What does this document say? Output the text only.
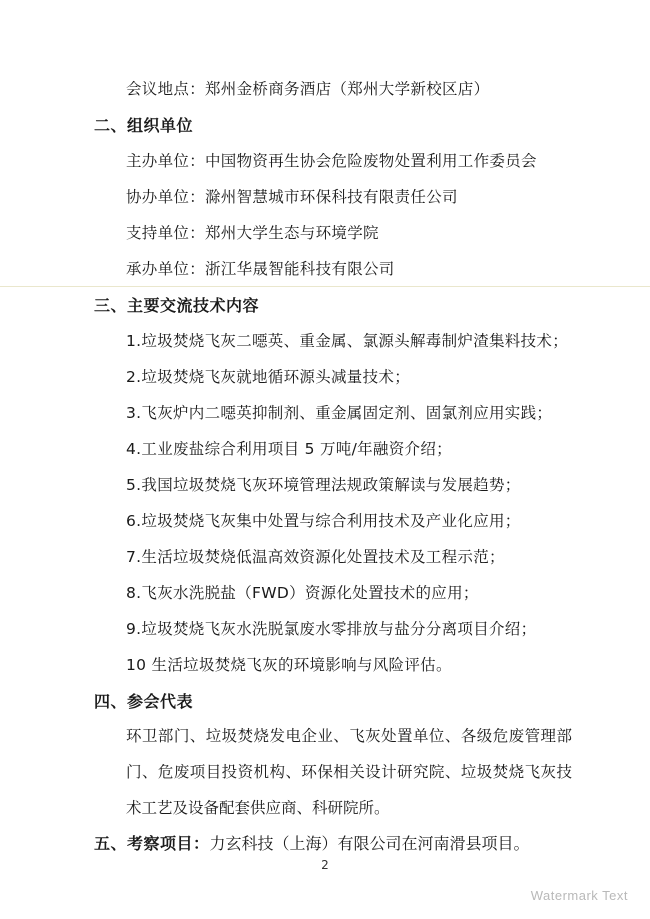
会议地点：郑州金桥商务酒店（郑州大学新校区店）
二、 组织单位
主办单位：中国物资再生协会危险废物处置利用工作委员会
协办单位：滁州智慧城市环保科技有限责任公司
支持单位：郑州大学生态与环境学院
承办单位：浙江华晟智能科技有限公司
三、 主要交流技术内容
1.垃圾焚烧飞灰二噁英、重金属、氯源头解毒制炉渣集料技术；
2.垃圾焚烧飞灰就地循环源头减量技术；
3.飞灰炉内二噁英抑制剂、重金属固定剂、固氯剂应用实践；
4.工业废盐综合利用项目 5 万吨/年融资介绍；
5.我国垃圾焚烧飞灰环境管理法规政策解读与发展趋势；
6.垃圾焚烧飞灰集中处置与综合利用技术及产业化应用；
7.生活垃圾焚烧低温高效资源化处置技术及工程示范；
8.飞灰水洗脱盐（FWD）资源化处置技术的应用；
9.垃圾焚烧飞灰水洗脱氯废水零排放与盐分分离项目介绍；
10 生活垃圾焚烧飞灰的环境影响与风险评估。
四、 参会代表
环卫部门、垃圾焚烧发电企业、飞灰处置单位、各级危废管理部门、危废项目投资机构、环保相关设计研究院、垃圾焚烧飞灰技术工艺及设备配套供应商、科研院所。
五、考察项目：力玄科技（上海）有限公司在河南滑县项目。
2
Watermark Text
